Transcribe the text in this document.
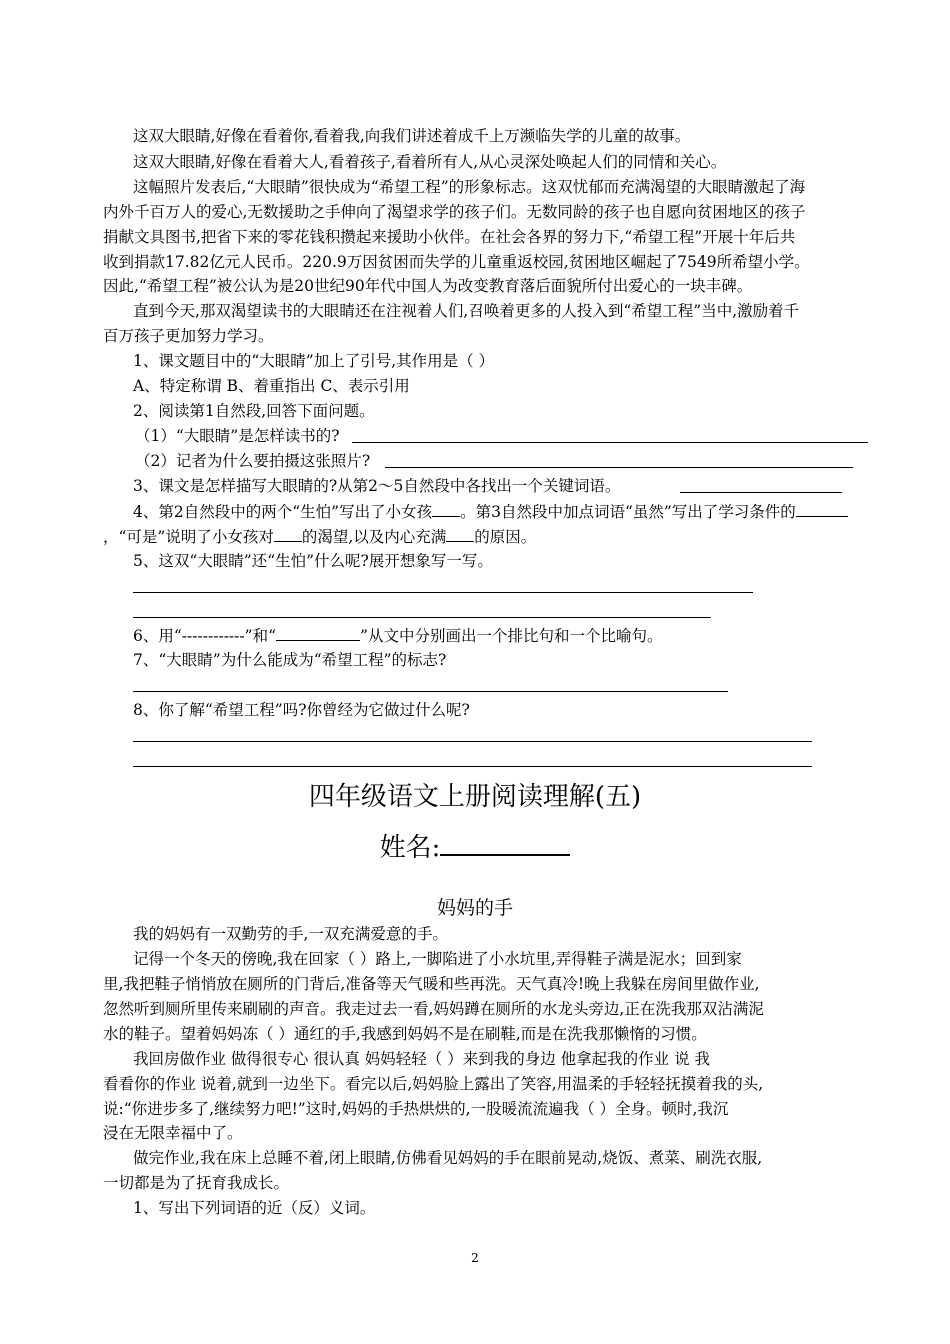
这双大眼睛,好像在看着你,看着我,向我们讲述着成千上万濒临失学的儿童的故事。
这双大眼睛,好像在看着大人,看着孩子,看着所有人,从心灵深处唤起人们的同情和关心。
这幅照片发表后,“大眼睛”很快成为“希望工程”的形象标志。这双忧郁而充满渴望的大眼睛激起了海
内外千百万人的爱心,无数援助之手伸向了渴望求学的孩子们。无数同龄的孩子也自愿向贫困地区的孩子
捐献文具图书,把省下来的零花钱积攒起来援助小伙伴。在社会各界的努力下,“希望工程”开展十年后共
收到捐款17.82亿元人民币。220.9万因贫困而失学的儿童重返校园,贫困地区崛起了7549所希望小学。
因此,“希望工程”被公认为是20世纪90年代中国人为改变教育落后面貌所付出爱心的一块丰碑。
直到今天,那双渴望读书的大眼睛还在注视着人们,召唤着更多的人投入到“希望工程”当中,激励着千
百万孩子更加努力学习。
1、课文题目中的“大眼睛”加上了引号,其作用是（ ）
A、特定称谓 B、着重指出 C、表示引用
2、阅读第1自然段,回答下面问题。
（1）“大眼睛”是怎样读书的?
（2）记者为什么要拍摄这张照片?
3、课文是怎样描写大眼睛的?从第2～5自然段中各找出一个关键词语。
4、第2自然段中的两个“生怕”写出了小女孩 。第3自然段中加点词语“虽然”写出了学习条件的
，“可是”说明了小女孩对 的渴望,以及内心充满 的原因。
5、这双“大眼睛”还“生怕”什么呢?展开想象写一写。
6、用“------------”和“	”从文中分别画出一个排比句和一个比喻句。
7、“大眼睛”为什么能成为“希望工程”的标志?
8、你了解“希望工程”吗?你曾经为它做过什么呢?
四年级语文上册阅读理解(五)
姓名:
妈妈的手
我的妈妈有一双勤劳的手,一双充满爱意的手。
记得一个冬天的傍晚,我在回家（ ）路上,一脚陷进了小水坑里,弄得鞋子满是泥水；回到家
里,我把鞋子悄悄放在厕所的门背后,准备等天气暖和些再洗。天气真冷!晚上我躲在房间里做作业,
忽然听到厕所里传来刷刷的声音。我走过去一看,妈妈蹲在厕所的水龙头旁边,正在洗我那双沾满泥
水的鞋子。望着妈妈冻（ ）通红的手,我感到妈妈不是在刷鞋,而是在洗我那懒惰的习惯。
我回房做作业 做得很专心 很认真 妈妈轻轻（ ）来到我的身边 他拿起我的作业 说 我
看看你的作业 说着,就到一边坐下。看完以后,妈妈脸上露出了笑容,用温柔的手轻轻抚摸着我的头,
说:“你进步多了,继续努力吧!”这时,妈妈的手热烘烘的,一股暖流流遍我（ ）全身。顿时,我沉
浸在无限幸福中了。
做完作业,我在床上总睡不着,闭上眼睛,仿佛看见妈妈的手在眼前晃动,烧饭、煮菜、刷洗衣服,
一切都是为了抚育我成长。
1、写出下列词语的近（反）义词。
2
